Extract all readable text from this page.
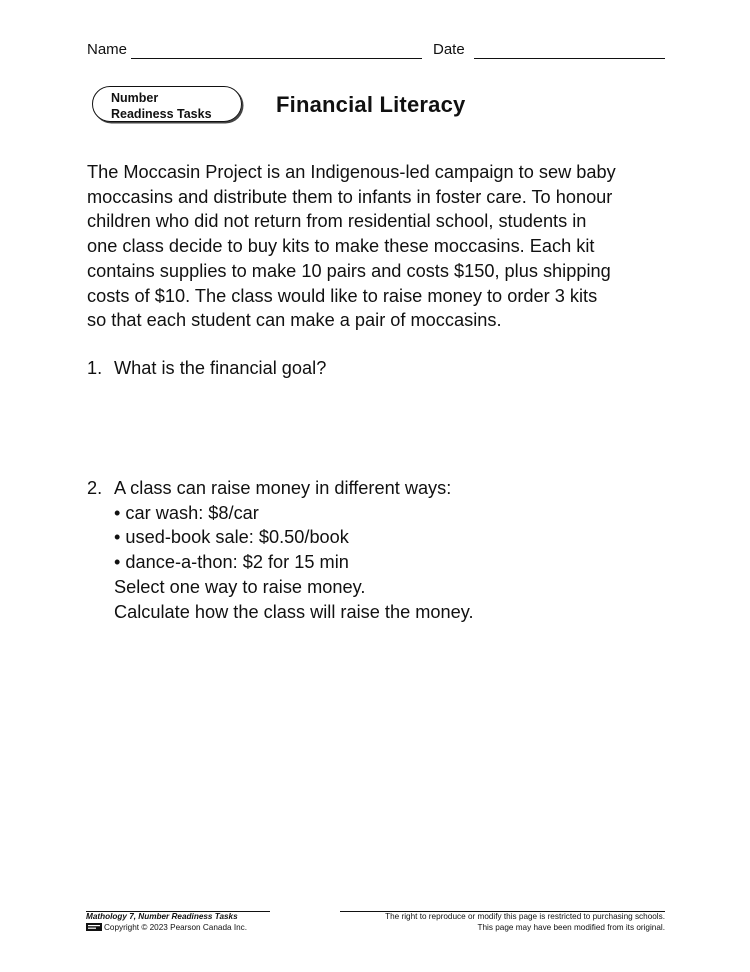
Name	Date
Number
Readiness Tasks	Financial Literacy
The Moccasin Project is an Indigenous-led campaign to sew baby
moccasins and distribute them to infants in foster care. To honour
children who did not return from residential school, students in
one class decide to buy kits to make these moccasins. Each kit
contains supplies to make 10 pairs and costs $150, plus shipping
costs of $10. The class would like to raise money to order 3 kits
so that each student can make a pair of moccasins.
1. What is the financial goal?
2. A class can raise money in different ways:
• car wash: $8/car
• used-book sale: $0.50/book
• dance-a-thon: $2 for 15 min
Select one way to raise money.
Calculate how the class will raise the money.
Mathology 7, Number Readiness Tasks
Copyright © 2023 Pearson Canada Inc.
The right to reproduce or modify this page is restricted to purchasing schools.
This page may have been modified from its original.
